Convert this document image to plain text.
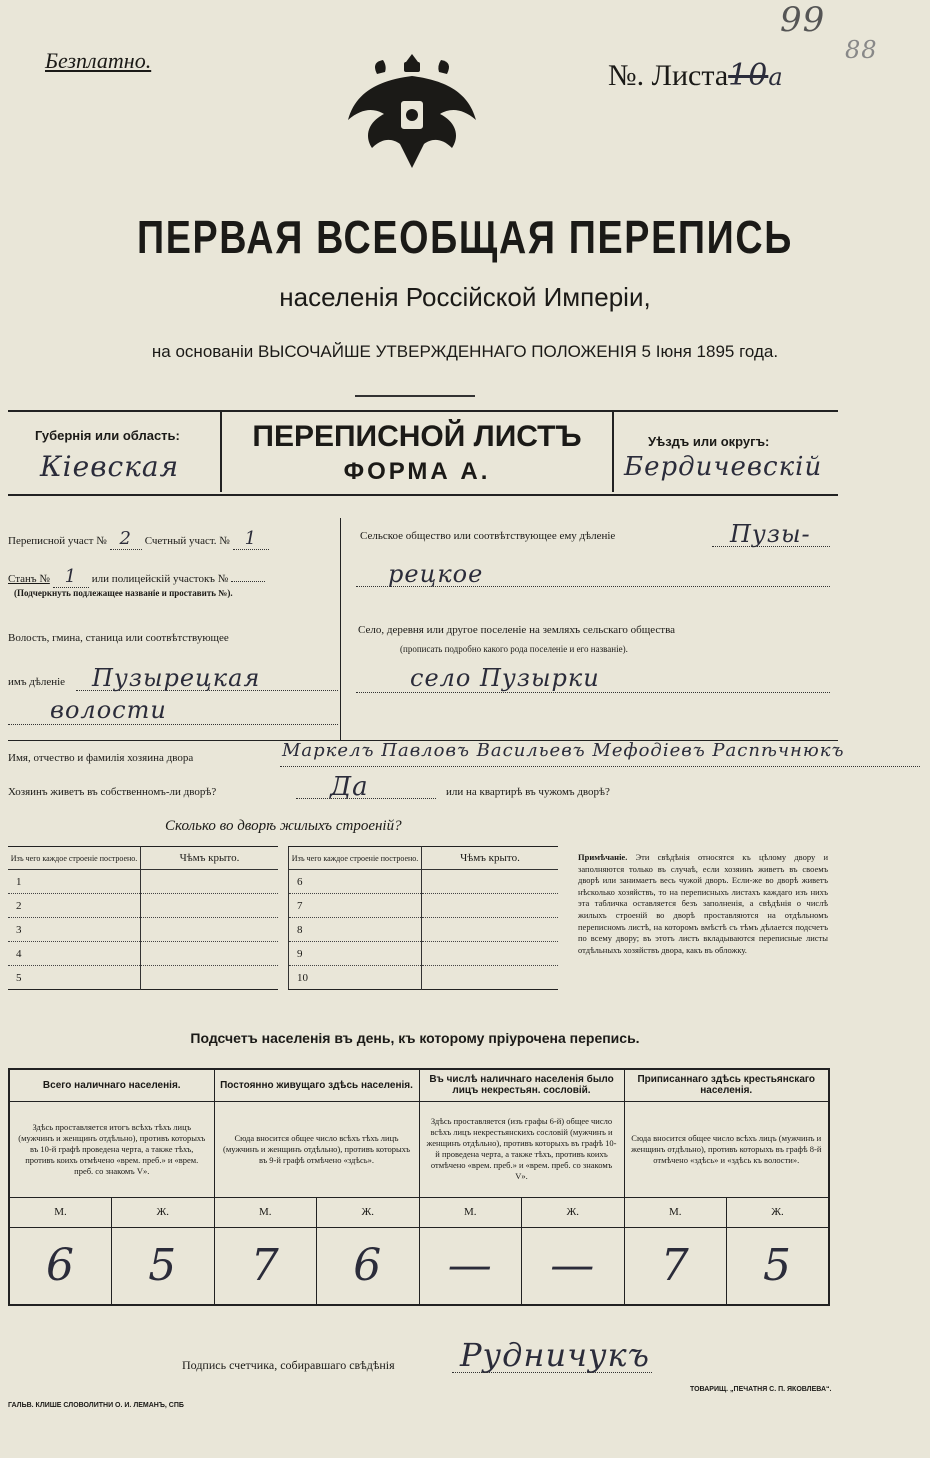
Безплатно.	№. Листа10а
99
88
ПЕРВАЯ ВСЕОБЩАЯ ПЕРЕПИСЬ
населенія Россійской Имперіи,
на основаніи ВЫСОЧАЙШЕ УТВЕРЖДЕННАГО ПОЛОЖЕНІЯ 5 Іюня 1895 года.
Губернія или область:
Кіевская
ПЕРЕПИСНОЙ ЛИСТЪ
ФОРМА А.
Уѣздъ или округъ:
Бердичевскій
Переписной участ № 2 Счетный участ. № 1
Станъ № 1 или полицейскій участокъ №
(Подчеркнуть подлежащее названіе и проставить №).
Волость, гмина, станица или соотвѣтствующее
имъ дѣленіе Пузырецкая
волости
Сельское общество или соотвѣтствующее ему дѣленіе	Пузы-
рецкое
Село, деревня или другое поселеніе на земляхъ сельскаго общества
(прописать подробно какого рода поселеніе и его названіе).
село Пузырки
Имя, отчество и фамилія хозяина двора	Маркелъ Павловъ Васильевъ Мефодіевъ Распѣчнюкъ
Хозяинъ живетъ въ собственномъ-ли дворѣ?	Да	или на квартирѣ въ чужомъ дворѣ?
Сколько во дворѣ жилыхъ строеній?
Изъ чего каждое строеніе построено.	Чѣмъ крыто.
1	
2	
3	
4	
5	
Изъ чего каждое строеніе построено.	Чѣмъ крыто.
6	
7	
8	
9	
10	
Примѣчаніе. Эти свѣдѣнія относятся къ цѣлому двору и заполняются только въ случаѣ, если хозяинъ живетъ въ своемъ дворѣ или занимаетъ весь чужой дворъ. Если-же во дворѣ живетъ нѣсколько хозяйствъ, то на переписныхъ листахъ каждаго изъ нихъ эта табличка оставляется безъ заполненія, а свѣдѣнія о числѣ жилыхъ строеній во дворѣ проставляются на отдѣльномъ переписномъ листѣ, на которомъ вмѣстѣ съ тѣмъ дѣлается подсчетъ по всему двору; въ этотъ листъ вкладываются переписные листы отдѣльныхъ хозяйствъ двора, какъ въ обложку.
Подсчетъ населенія въ день, къ которому пріурочена перепись.
Всего наличнаго населенія.		Постоянно живущаго здѣсь населенія.		Въ числѣ наличнаго населенія было лицъ некрестьян. сословій.		Приписаннаго здѣсь крестьянскаго населенія.	
Здѣсь проставляется итогъ всѣхъ тѣхъ лицъ (мужчинъ и женщинъ отдѣльно), противъ которыхъ въ 10-й графѣ проведена черта, а также тѣхъ, противъ коихъ отмѣчено «врем. преб.» и «врем. преб. со знакомъ V».		Сюда вносится общее число всѣхъ тѣхъ лицъ (мужчинъ и женщинъ отдѣльно), противъ которыхъ въ 9-й графѣ отмѣчено «здѣсь».		Здѣсь проставляется (изъ графы 6-й) общее число всѣхъ лицъ некрестьянскихъ сословій (мужчинъ и женщинъ отдѣльно), противъ которыхъ въ графѣ 10-й проведена черта, а также тѣхъ, противъ коихъ отмѣчено «врем. преб.» и «врем. преб. со знакомъ V».		Сюда вносится общее число всѣхъ лицъ (мужчинъ и женщинъ отдѣльно), противъ которыхъ въ графѣ 8-й отмѣчено «здѣсь» и «здѣсь къ волости».	
М.	Ж.	М.	Ж.	М.	Ж.	М.	Ж.
6	5	7	6	—	—	7	5
Подпись счетчика, собиравшаго свѣдѣнія Рудничукъ
ГАЛЬВ. КЛИШЕ СЛОВОЛИТНИ О. И. ЛЕМАНЪ, СПБ
ТОВАРИЩ. „ПЕЧАТНЯ С. П. ЯКОВЛЕВА“.
